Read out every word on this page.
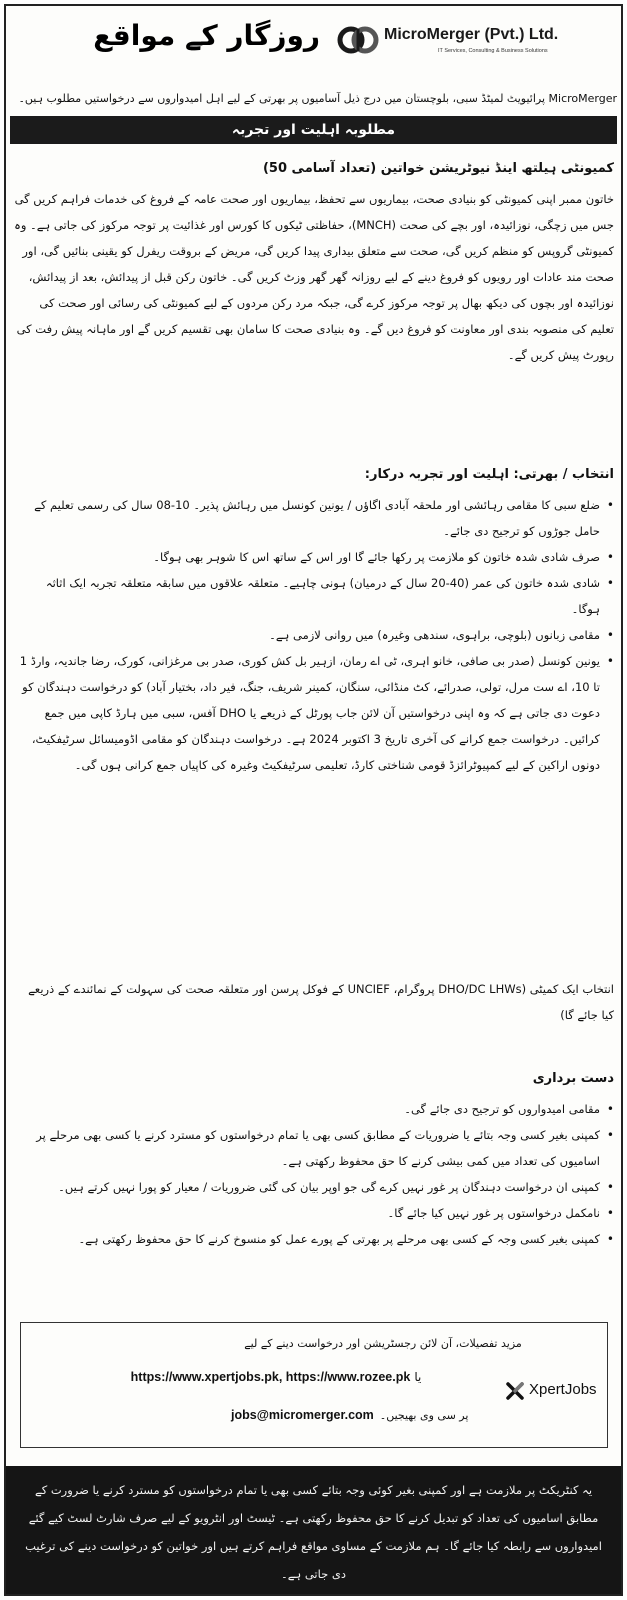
روزگار کے مواقع	MicroMerger (Pvt.) Ltd.
IT Services, Consulting & Business Solutions
MicroMerger پرائیویٹ لمیٹڈ سبی، بلوچستان میں درج ذیل آسامیوں پر بھرتی کے لیے اہل امیدواروں سے درخواستیں مطلوب ہیں۔
مطلوبہ اہلیت اور تجربہ
کمیونٹی ہیلتھ اینڈ نیوٹریشن خواتین (تعداد آسامی 50)
خاتون ممبر اپنی کمیونٹی کو بنیادی صحت، بیماریوں سے تحفظ، بیماریوں اور صحت عامہ کے فروغ کی خدمات فراہم کریں گی جس میں زچگی، نوزائیدہ، اور بچے کی صحت (MNCH)، حفاظتی ٹیکوں کا کورس اور غذائیت پر توجہ مرکوز کی جاتی ہے۔ وہ کمیونٹی گروپس کو منظم کریں گی، صحت سے متعلق بیداری پیدا کریں گی، مریض کے بروقت ریفرل کو یقینی بنائیں گی، اور صحت مند عادات اور رویوں کو فروغ دینے کے لیے روزانہ گھر گھر وزٹ کریں گی۔ خاتون رکن قبل از پیدائش، بعد از پیدائش، نوزائیدہ اور بچوں کی دیکھ بھال پر توجہ مرکوز کرے گی، جبکہ مرد رکن مردوں کے لیے کمیونٹی کی رسائی اور صحت کی تعلیم کی منصوبہ بندی اور معاونت کو فروغ دیں گے۔ وہ بنیادی صحت کا سامان بھی تقسیم کریں گے اور ماہانہ پیش رفت کی رپورٹ پیش کریں گے۔
انتخاب / بھرتی: اہلیت اور تجربہ درکار:
• ضلع سبی کا مقامی رہائشی اور ملحقہ آبادی اگاؤں / یونین کونسل میں رہائش پذیر۔ 10-08 سال کی رسمی تعلیم کے حامل جوڑوں کو ترجیح دی جائے۔
• صرف شادی شدہ خاتون کو ملازمت پر رکھا جائے گا اور اس کے ساتھ اس کا شوہر بھی ہوگا۔
• شادی شدہ خاتون کی عمر (40-20 سال کے درمیان) ہونی چاہیے۔ متعلقہ علاقوں میں سابقہ متعلقہ تجربہ ایک اثاثہ ہوگا۔
• مقامی زبانوں (بلوچی، براہوی، سندھی وغیرہ) میں روانی لازمی ہے۔
• یونین کونسل (صدر بی صافی، خانو اہری، ٹی اے رمان، ازہیر بل کش کوری، صدر بی مرغزانی، کورک، رضا جاندیہ، وارڈ 1 تا 10، اے ست مرل، تولی، صدرائے، کٹ منڈائی، سنگان، کمینر شریف، جنگ، فیر داد، بختیار آباد) کو درخواست دہندگان کو دعوت دی جاتی ہے کہ وہ اپنی درخواستیں آن لائن جاب پورٹل کے ذریعے یا DHO آفس، سبی میں ہارڈ کاپی میں جمع کرائیں۔ درخواست جمع کرانے کی آخری تاریخ 3 اکتوبر 2024 ہے۔ درخواست دہندگان کو مقامی اڈومیسائل سرٹیفکیٹ، دونوں اراکین کے لیے کمپیوٹرائزڈ قومی شناختی کارڈ، تعلیمی سرٹیفکیٹ وغیرہ کی کاپیاں جمع کرانی ہوں گی۔
انتخاب ایک کمیٹی (DHO/DC LHWs پروگرام، UNCIEF کے فوکل پرسن اور متعلقہ صحت کی سہولت کے نمائندے کے ذریعے کیا جائے گا)
دست برداری
• مقامی امیدواروں کو ترجیح دی جائے گی۔
• کمپنی بغیر کسی وجہ بتائے یا ضروریات کے مطابق کسی بھی یا تمام درخواستوں کو مسترد کرنے یا کسی بھی مرحلے پر اسامیوں کی تعداد میں کمی بیشی کرنے کا حق محفوظ رکھتی ہے۔
• کمپنی ان درخواست دہندگان پر غور نہیں کرے گی جو اوپر بیان کی گئی ضروریات / معیار کو پورا نہیں کرتے ہیں۔
• نامکمل درخواستوں پر غور نہیں کیا جائے گا۔
• کمپنی بغیر کسی وجہ کے کسی بھی مرحلے پر بھرتی کے پورے عمل کو منسوخ کرنے کا حق محفوظ رکھتی ہے۔
مزید تفصیلات، آن لائن رجسٹریشن اور درخواست دینے کے لیے
https://www.xpertjobs.pk, https://www.rozee.pk یا
jobs@micromerger.com پر سی وی بھیجیں۔
XpertJobs
یہ کنٹریکٹ پر ملازمت ہے اور کمپنی بغیر کوئی وجہ بتائے کسی بھی یا تمام درخواستوں کو مسترد کرنے یا ضرورت کے مطابق اسامیوں کی تعداد کو تبدیل کرنے کا حق محفوظ رکھتی ہے۔ ٹیسٹ اور انٹرویو کے لیے صرف شارٹ لسٹ کیے گئے امیدواروں سے رابطہ کیا جائے گا۔ ہم ملازمت کے مساوی مواقع فراہم کرتے ہیں اور خواتین کو درخواست دینے کی ترغیب دی جاتی ہے۔
